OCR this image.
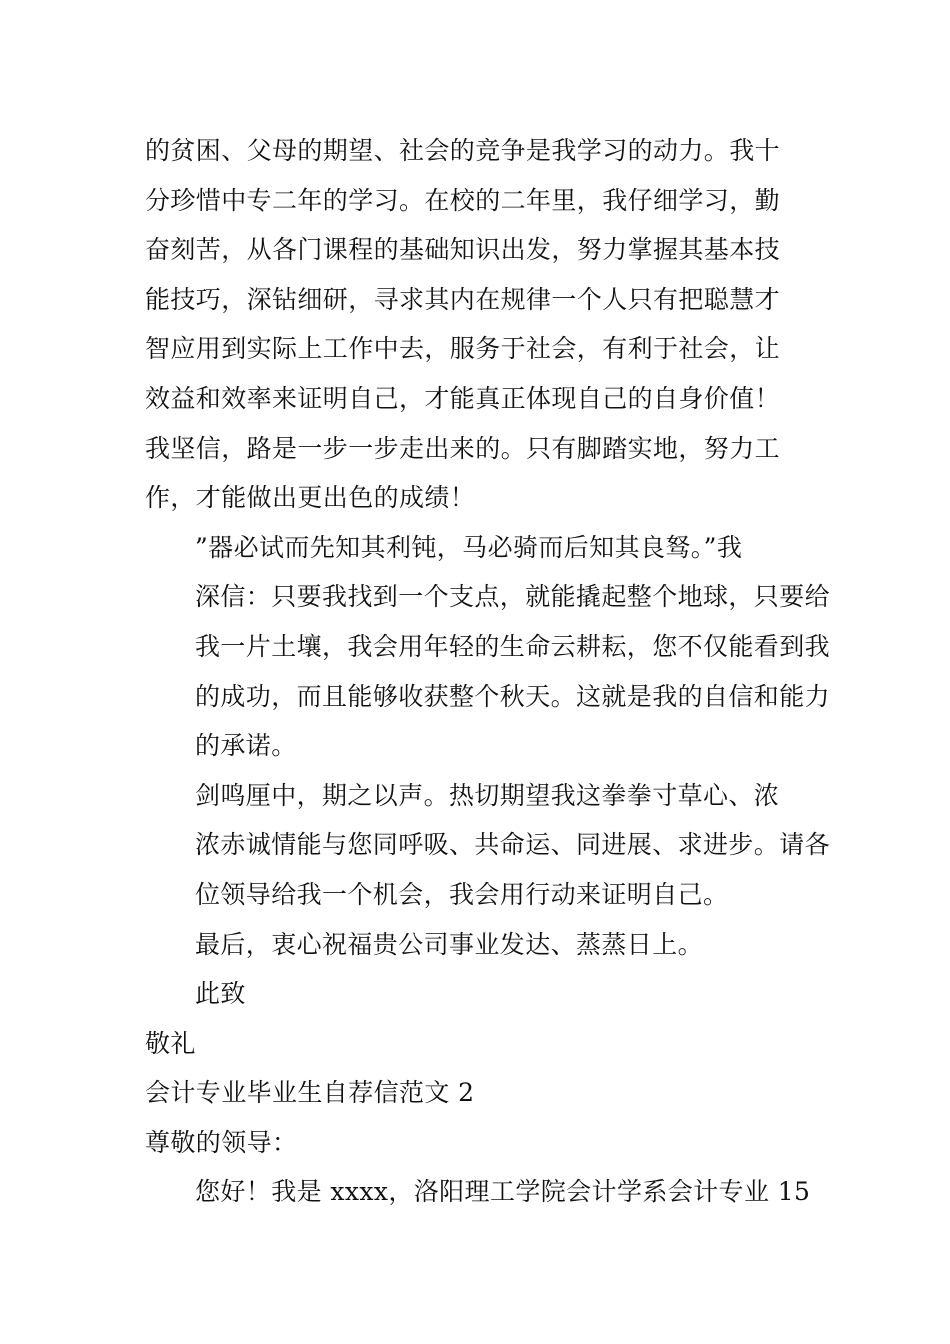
的贫困、父母的期望、社会的竞争是我学习的动力。我十
分珍惜中专二年的学习。在校的二年里，我仔细学习，勤
奋刻苦，从各门课程的基础知识出发，努力掌握其基本技
能技巧，深钻细研，寻求其内在规律一个人只有把聪慧才
智应用到实际上工作中去，服务于社会，有利于社会，让
效益和效率来证明自己，才能真正体现自己的自身价值！
我坚信，路是一步一步走出来的。只有脚踏实地，努力工
作，才能做出更出色的成绩！
”器必试而先知其利钝，马必骑而后知其良驽。”我
深信：只要我找到一个支点，就能撬起整个地球，只要给
我一片土壤，我会用年轻的生命云耕耘，您不仅能看到我
的成功，而且能够收获整个秋天。这就是我的自信和能力
的承诺。
剑鸣厘中，期之以声。热切期望我这拳拳寸草心、浓
浓赤诚情能与您同呼吸、共命运、同进展、求进步。请各
位领导给我一个机会，我会用行动来证明自己。
最后，衷心祝福贵公司事业发达、蒸蒸日上。
此致
敬礼
会计专业毕业生自荐信范文 2
尊敬的领导：
您好！我是 xxxx，洛阳理工学院会计学系会计专业 15
